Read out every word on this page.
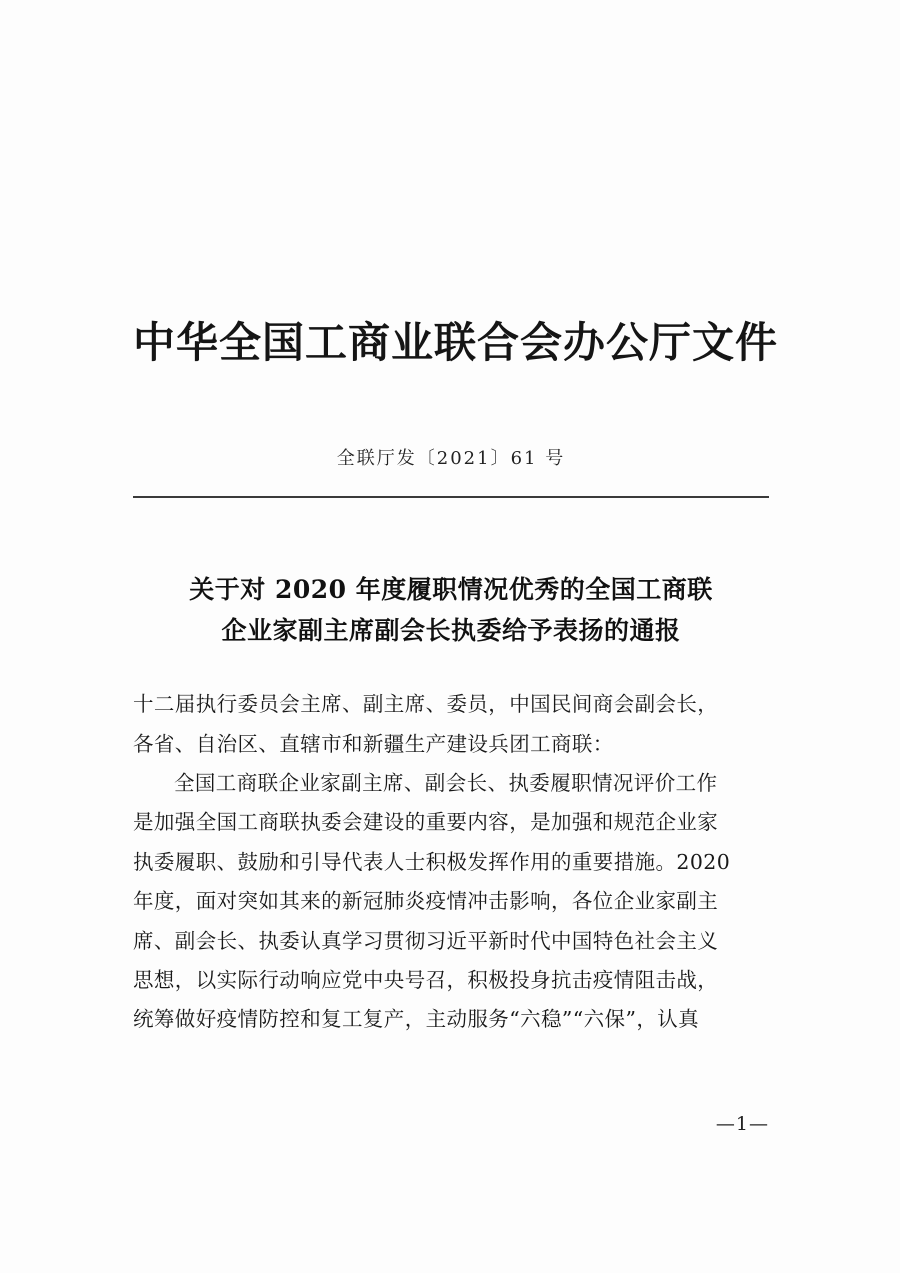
中华全国工商业联合会办公厅文件
全联厅发〔2021〕61 号
关于对 2020 年度履职情况优秀的全国工商联
企业家副主席副会长执委给予表扬的通报
十二届执行委员会主席、副主席、委员，中国民间商会副会长，
各省、自治区、直辖市和新疆生产建设兵团工商联：
全国工商联企业家副主席、副会长、执委履职情况评价工作
是加强全国工商联执委会建设的重要内容，是加强和规范企业家
执委履职、鼓励和引导代表人士积极发挥作用的重要措施。2020
年度，面对突如其来的新冠肺炎疫情冲击影响，各位企业家副主
席、副会长、执委认真学习贯彻习近平新时代中国特色社会主义
思想，以实际行动响应党中央号召，积极投身抗击疫情阻击战，
统筹做好疫情防控和复工复产，主动服务“六稳”“六保”，认真
—1—
